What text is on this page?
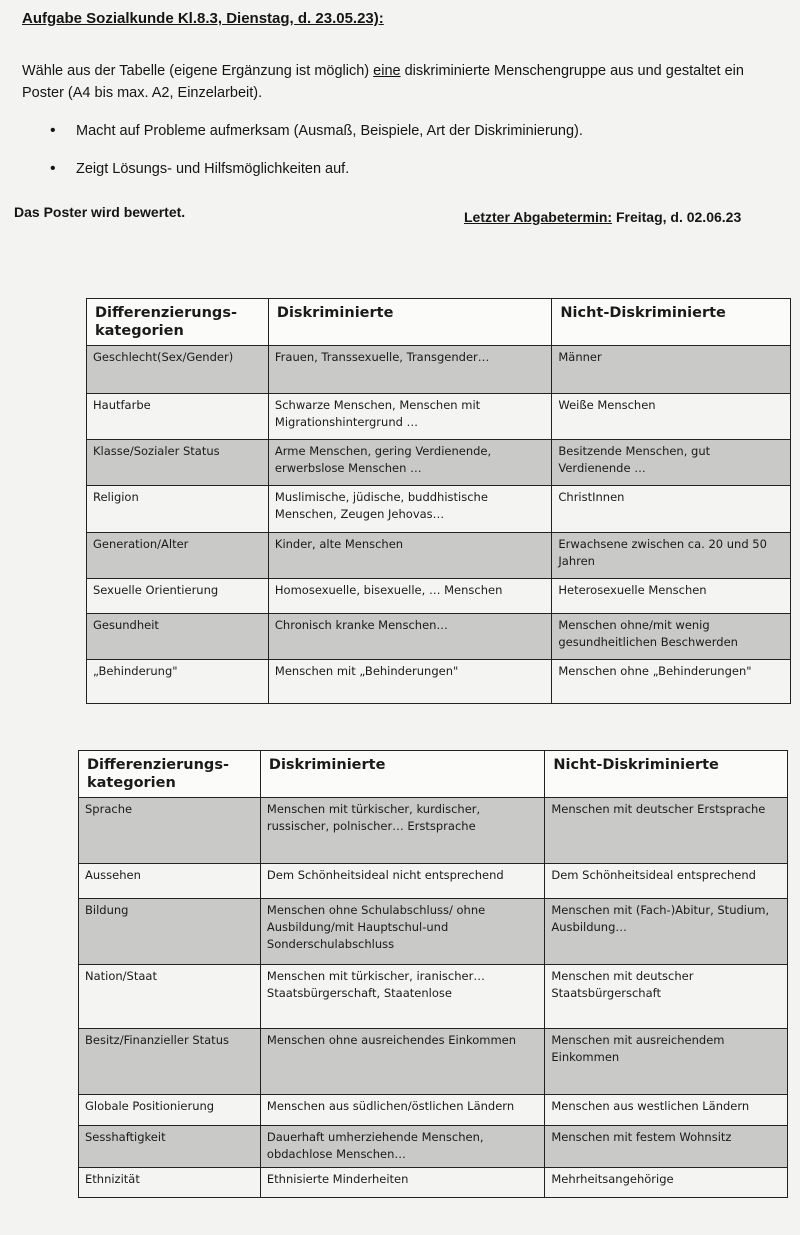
Aufgabe Sozialkunde Kl.8.3, Dienstag, d. 23.05.23):
Wähle aus der Tabelle (eigene Ergänzung ist möglich) eine diskriminierte Menschengruppe aus und gestaltet ein Poster (A4 bis max. A2, Einzelarbeit).
• Macht auf Probleme aufmerksam (Ausmaß, Beispiele, Art der Diskriminierung).
• Zeigt Lösungs- und Hilfsmöglichkeiten auf.
Das Poster wird bewertet.	Letzter Abgabetermin: Freitag, d. 02.06.23
Differenzierungs-kategorien	Diskriminierte	Nicht-Diskriminierte
Geschlecht(Sex/Gender)	Frauen, Transsexuelle, Transgender…	Männer
Hautfarbe	Schwarze Menschen, Menschen mit Migrationshintergrund …	Weiße Menschen
Klasse/Sozialer Status	Arme Menschen, gering Verdienende, erwerbslose Menschen …	Besitzende Menschen, gut Verdienende …
Religion	Muslimische, jüdische, buddhistische Menschen, Zeugen Jehovas…	ChristInnen
Generation/Alter	Kinder, alte Menschen	Erwachsene zwischen ca. 20 und 50 Jahren
Sexuelle Orientierung	Homosexuelle, bisexuelle, … Menschen	Heterosexuelle Menschen
Gesundheit	Chronisch kranke Menschen…	Menschen ohne/mit wenig gesundheitlichen Beschwerden
„Behinderung"	Menschen mit „Behinderungen"	Menschen ohne „Behinderungen"
Differenzierungs-kategorien	Diskriminierte	Nicht-Diskriminierte
Sprache	Menschen mit türkischer, kurdischer, russischer, polnischer… Erstsprache	Menschen mit deutscher Erstsprache
Aussehen	Dem Schönheitsideal nicht entsprechend	Dem Schönheitsideal entsprechend
Bildung	Menschen ohne Schulabschluss/ ohne Ausbildung/mit Hauptschul-und Sonderschulabschluss	Menschen mit (Fach-)Abitur, Studium, Ausbildung…
Nation/Staat	Menschen mit türkischer, iranischer… Staatsbürgerschaft, Staatenlose	Menschen mit deutscher Staatsbürgerschaft
Besitz/Finanzieller Status	Menschen ohne ausreichendes Einkommen	Menschen mit ausreichendem Einkommen
Globale Positionierung	Menschen aus südlichen/östlichen Ländern	Menschen aus westlichen Ländern
Sesshaftigkeit	Dauerhaft umherziehende Menschen, obdachlose Menschen…	Menschen mit festem Wohnsitz
Ethnizität	Ethnisierte Minderheiten	Mehrheitsangehörige
